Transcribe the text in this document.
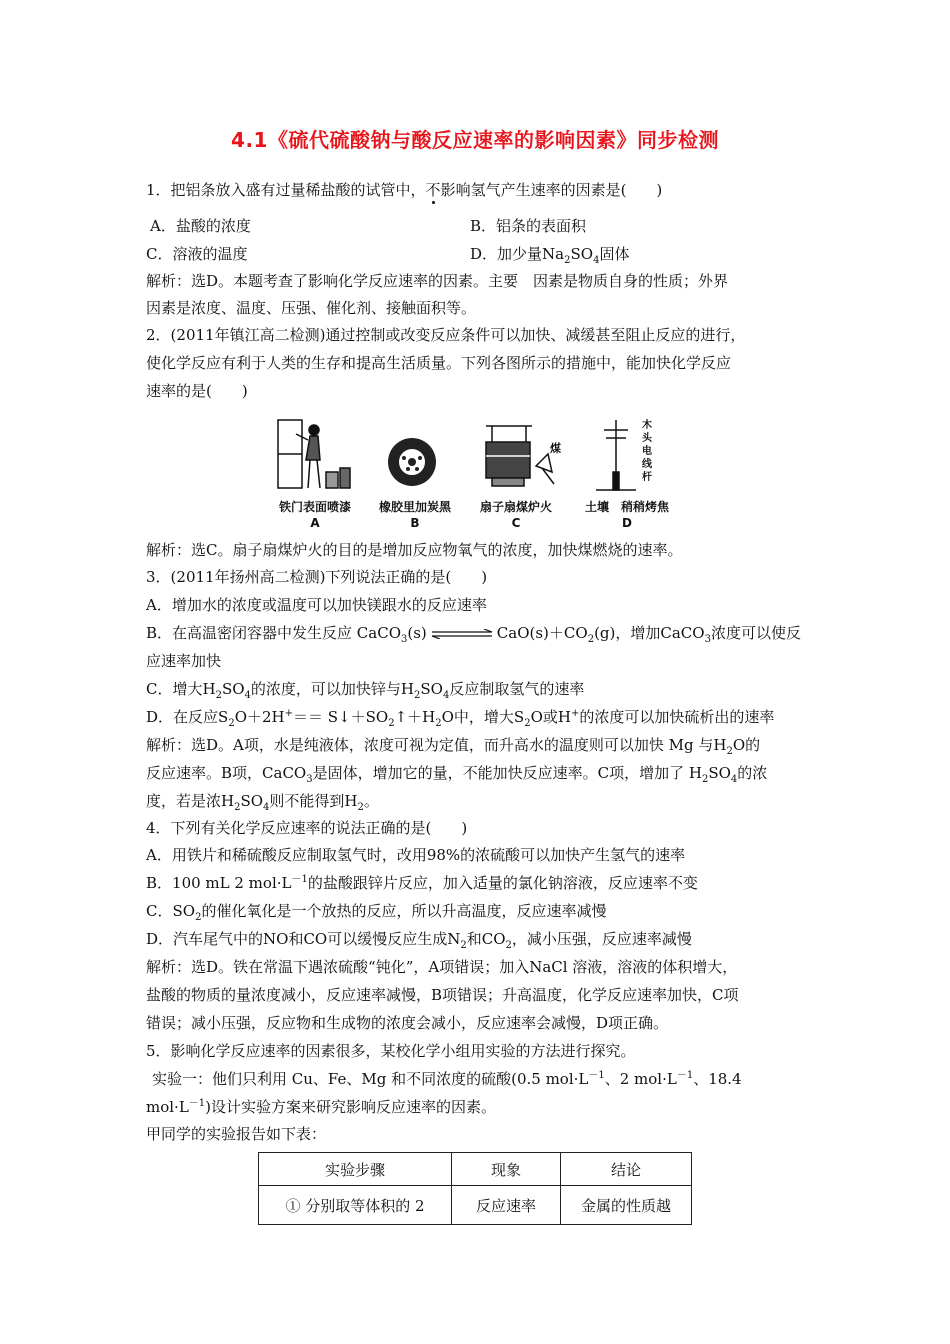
4.1《硫代硫酸钠与酸反应速率的影响因素》同步检测
1．把铝条放入盛有过量稀盐酸的试管中，不影响氢气产生速率的因素是(　　)
A．盐酸的浓度	B．铝条的表面积
C．溶液的温度	D．加少量$Na_2SO_4$固体
解析：选D。本题考查了影响化学反应速率的因素。主要　因素是物质自身的性质；外界
因素是浓度、温度、压强、催化剂、接触面积等。
2．(2011年镇江高二检测)通过控制或改变反应条件可以加快、减缓甚至阻止反应的进行，
使化学反应有利于人类的生存和提高生活质量。下列各图所示的措施中，能加快化学反应
速率的是(　　)
煤
木头电线杆
铁门表面喷漆	橡胶里加炭黑	扇子扇煤炉火	土壤　稍稍烤焦
A	B	C	D
解析：选C。扇子扇煤炉火的目的是增加反应物氧气的浓度，加快煤燃烧的速率。
3．(2011年扬州高二检测)下列说法正确的是(　　)
A．增加水的浓度或温度可以加快镁跟水的反应速率
B．在高温密闭容器中发生反应 CaCO$_3$(s)	$CaO(s)+CO_2(g)$，增加CaCO$_3$浓度可以使反
应速率加快
C．增大$H_2SO_4$的浓度，可以加快锌与$H_2SO_4$反应制取氢气的速率
D．在反应$S_2O+2H^+==$ $S↓+SO_2↑+H_2O$中，增大$S_2O$或H+的浓度可以加快硫析出的速率
解析：选D。A项，水是纯液体，浓度可视为定值，而升高水的温度则可以加快 Mg 与$H_2O$的
反应速率。B项，CaCO$_3$是固体，增加它的量，不能加快反应速率。C项，增加了 $H_2SO_4$的浓
度，若是浓$H_2SO_4$则不能得到$H_2$。
4．下列有关化学反应速率的说法正确的是(　　)
A．用铁片和稀硫酸反应制取氢气时，改用98%的浓硫酸可以加快产生氢气的速率
B．100 mL 2 $mol\cdot L^{-1}$的盐酸跟锌片反应，加入适量的氯化钠溶液，反应速率不变
C．$SO_2$的催化氧化是一个放热的反应，所以升高温度，反应速率减慢
D．汽车尾气中的NO和CO可以缓慢反应生成$N_2$和$CO_2$，减小压强，反应速率减慢
解析：选D。铁在常温下遇浓硫酸“钝化”，A项错误；加入NaCl 溶液，溶液的体积增大，
盐酸的物质的量浓度减小，反应速率减慢，B项错误；升高温度，化学反应速率加快，C项
错误；减小压强，反应物和生成物的浓度会减小，反应速率会减慢，D项正确。
5．影响化学反应速率的因素很多，某校化学小组用实验的方法进行探究。
实验一：他们只利用 Cu、Fe、Mg 和不同浓度的硫酸(0.5 $mol\cdot L^{-1}$、2 $mol\cdot L^{-1}$、18.4
$mol\cdot L^{-1}$)设计实验方案来研究影响反应速率的因素。
甲同学的实验报告如下表：
实验步骤	现象	结论
① 分别取等体积的 2	反应速率	金属的性质越
